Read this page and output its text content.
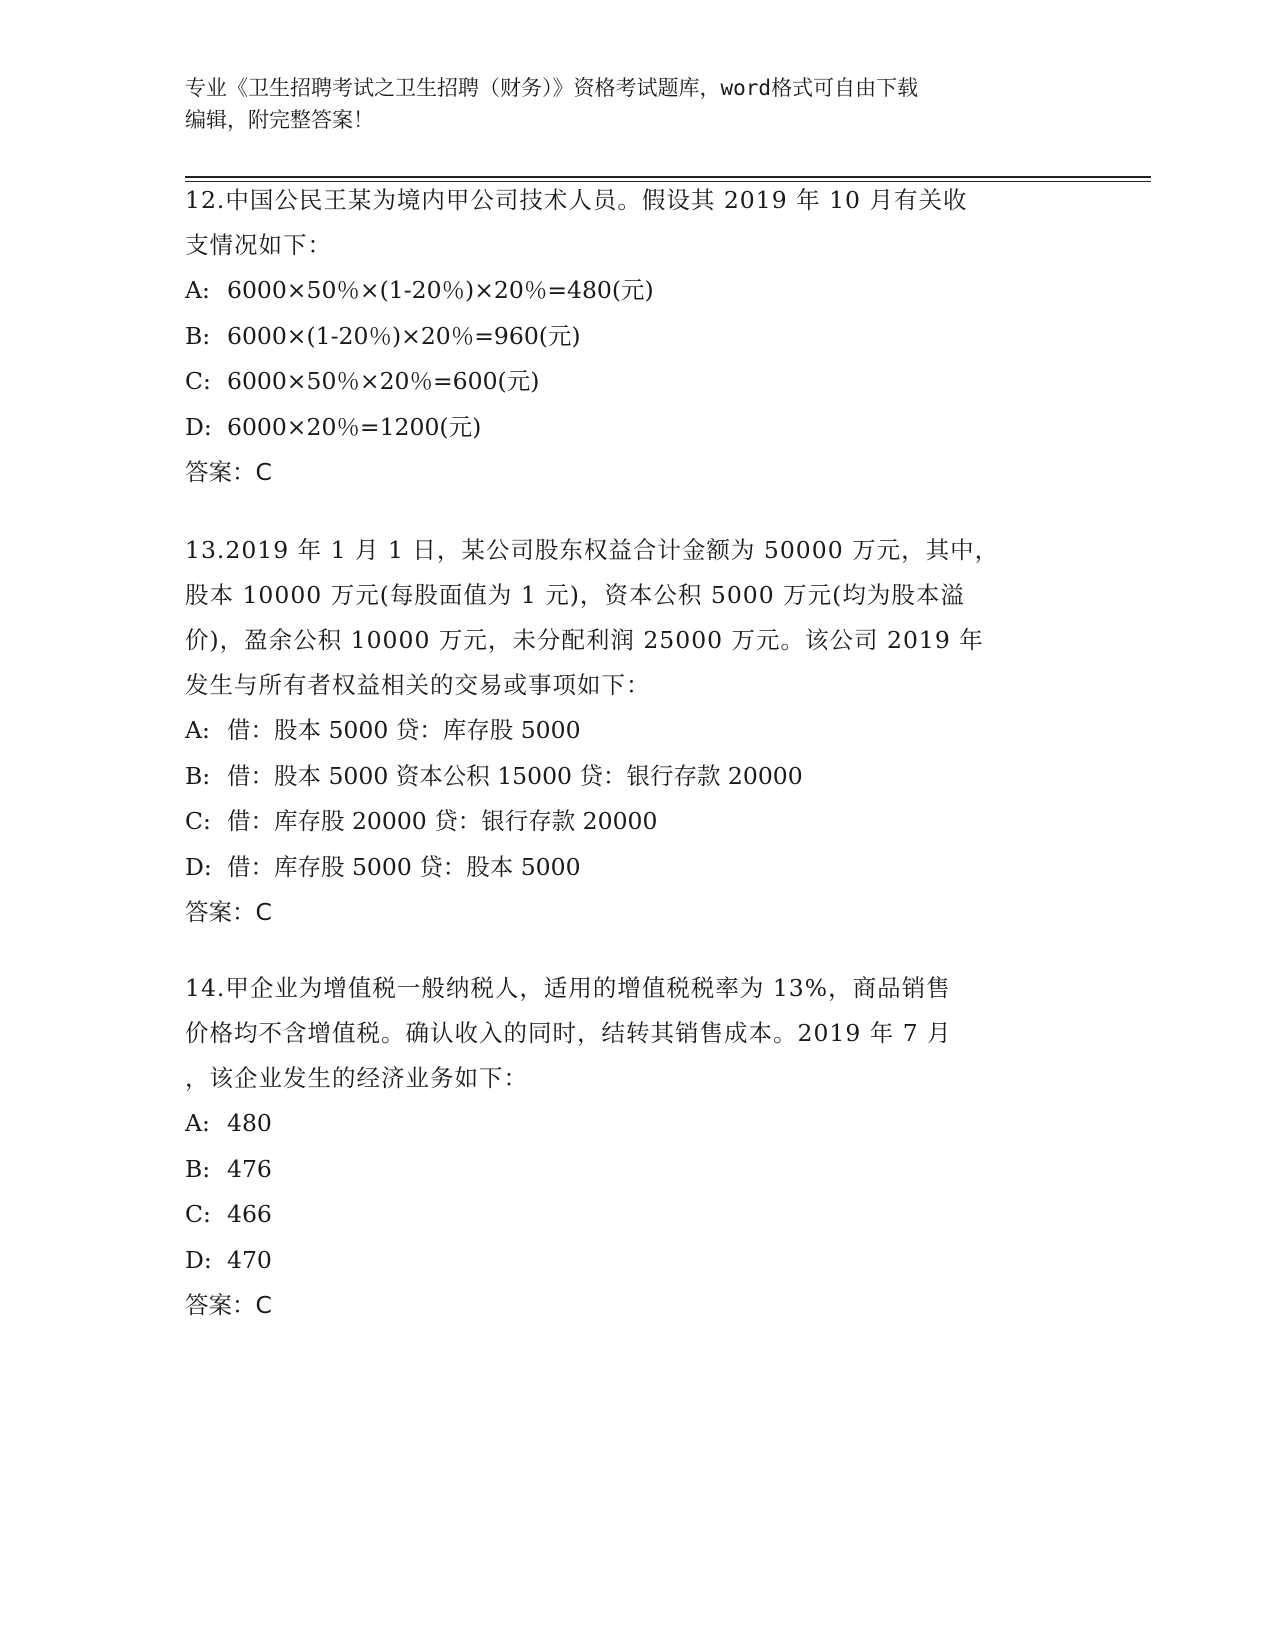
专业《卫生招聘考试之卫生招聘（财务）》资格考试题库，word格式可自由下载
编辑，附完整答案！
12.中国公民王某为境内甲公司技术人员。假设其 2019 年 10 月有关收
支情况如下：
A: 6000×50％×(1-20％)×20％=480(元)
B: 6000×(1-20％)×20％=960(元)
C: 6000×50％×20％=600(元)
D: 6000×20％=1200(元)
答案：C
13.2019 年 1 月 1 日，某公司股东权益合计金额为 50000 万元，其中，
股本 10000 万元(每股面值为 1 元)，资本公积 5000 万元(均为股本溢
价)，盈余公积 10000 万元，未分配利润 25000 万元。该公司 2019 年
发生与所有者权益相关的交易或事项如下：
A: 借：股本 5000 贷：库存股 5000
B: 借：股本 5000 资本公积 15000 贷：银行存款 20000
C: 借：库存股 20000 贷：银行存款 20000
D: 借：库存股 5000 贷：股本 5000
答案：C
14.甲企业为增值税一般纳税人，适用的增值税税率为 13%，商品销售
价格均不含增值税。确认收入的同时，结转其销售成本。2019 年 7 月
，该企业发生的经济业务如下：
A: 480
B: 476
C: 466
D: 470
答案：C
